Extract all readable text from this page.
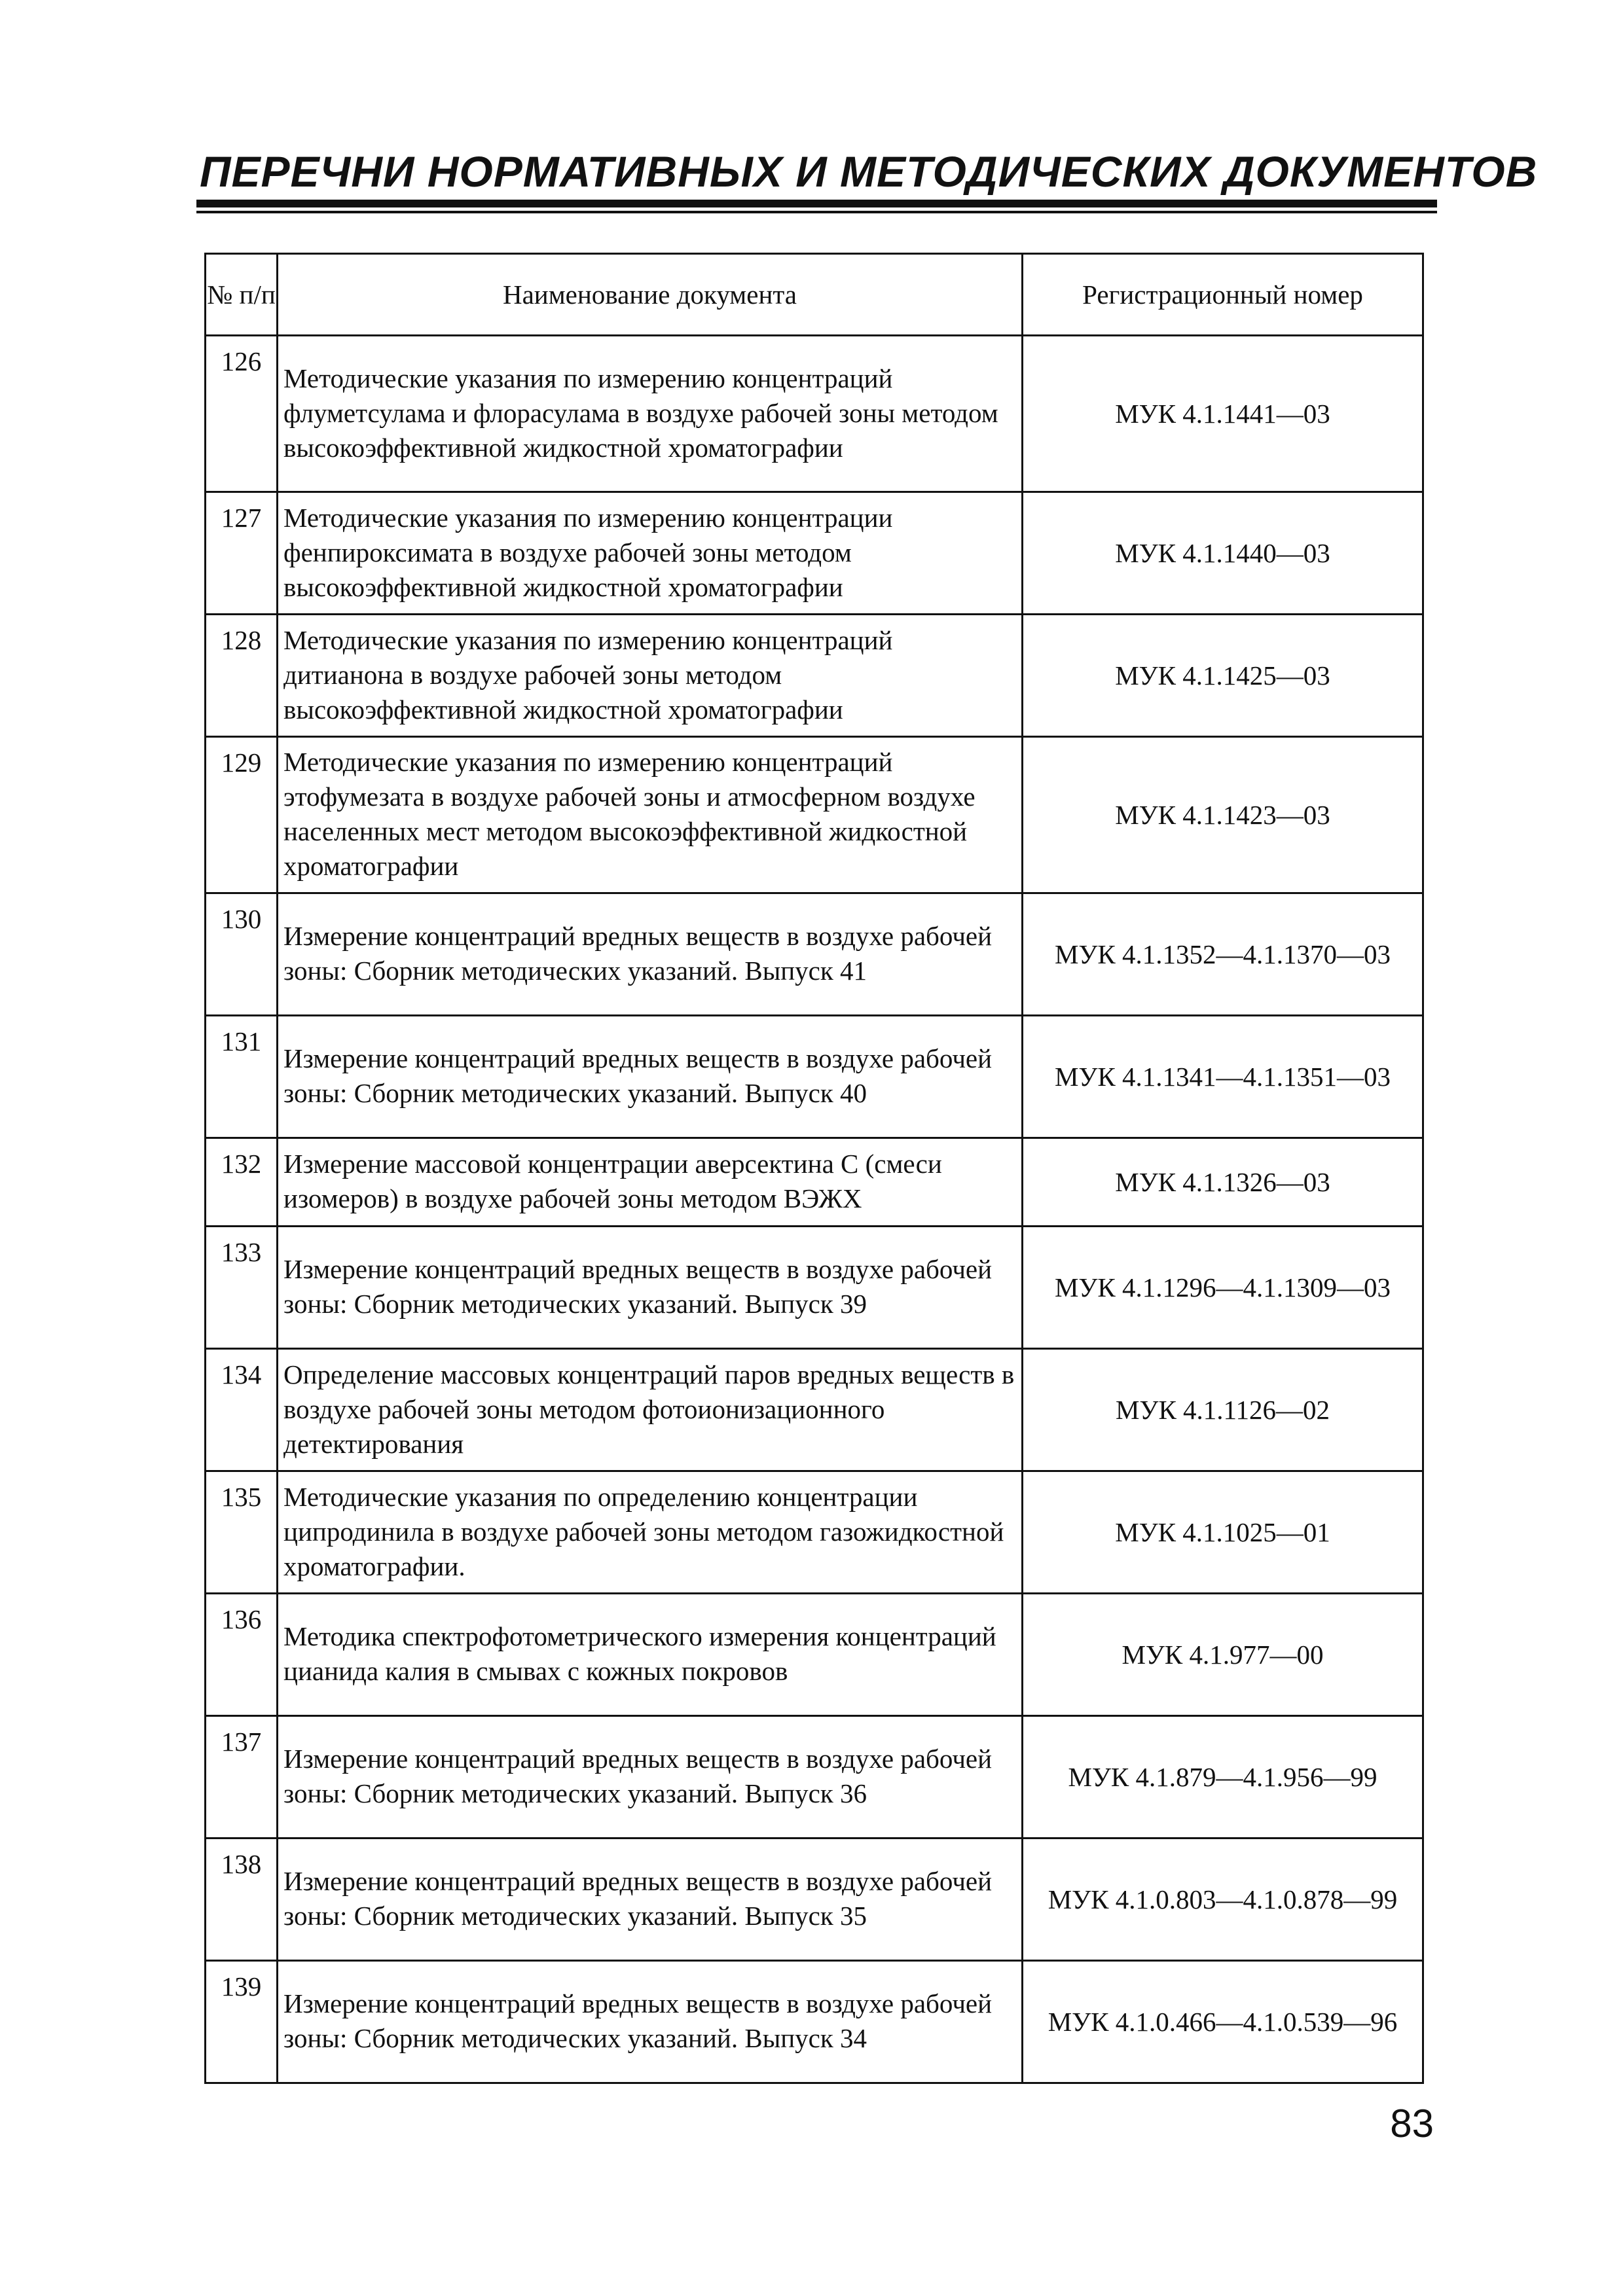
ПЕРЕЧНИ НОРМАТИВНЫХ И МЕТОДИЧЕСКИХ ДОКУМЕНТОВ
№ п/п	Наименование документа	Регистрационный номер
126	Методические указания по измерению концентраций флуметсулама и флорасулама в воздухе рабочей зоны методом высокоэффективной жидкостной хроматографии	МУК 4.1.1441—03
127	Методические указания по измерению концентрации фенпироксимата в воздухе рабочей зоны методом высокоэффективной жидкостной хроматографии	МУК 4.1.1440—03
128	Методические указания по измерению концентраций дитианона в воздухе рабочей зоны методом высокоэффективной жидкостной хроматографии	МУК 4.1.1425—03
129	Методические указания по измерению концентраций этофумезата в воздухе рабочей зоны и атмосферном воздухе населенных мест методом высокоэффективной жидкостной хроматографии	МУК 4.1.1423—03
130	Измерение концентраций вредных веществ в воздухе рабочей зоны: Сборник методических указаний. Выпуск 41	МУК 4.1.1352—4.1.1370—03
131	Измерение концентраций вредных веществ в воздухе рабочей зоны: Сборник методических указаний. Выпуск 40	МУК 4.1.1341—4.1.1351—03
132	Измерение массовой концентрации аверсектина С (смеси изомеров) в воздухе рабочей зоны методом ВЭЖХ	МУК 4.1.1326—03
133	Измерение концентраций вредных веществ в воздухе рабочей зоны: Сборник методических указаний. Выпуск 39	МУК 4.1.1296—4.1.1309—03
134	Определение массовых концентраций паров вредных веществ в воздухе рабочей зоны методом фотоионизационного детектирования	МУК 4.1.1126—02
135	Методические указания по определению концентрации ципродинила в воздухе рабочей зоны методом газожидкостной хроматографии.	МУК 4.1.1025—01
136	Методика спектрофотометрического измерения концентраций цианида калия в смывах с кожных покровов	МУК 4.1.977—00
137	Измерение концентраций вредных веществ в воздухе рабочей зоны: Сборник методических указаний. Выпуск 36	МУК 4.1.879—4.1.956—99
138	Измерение концентраций вредных веществ в воздухе рабочей зоны: Сборник методических указаний. Выпуск 35	МУК 4.1.0.803—4.1.0.878—99
139	Измерение концентраций вредных веществ в воздухе рабочей зоны: Сборник методических указаний. Выпуск 34	МУК 4.1.0.466—4.1.0.539—96
83
